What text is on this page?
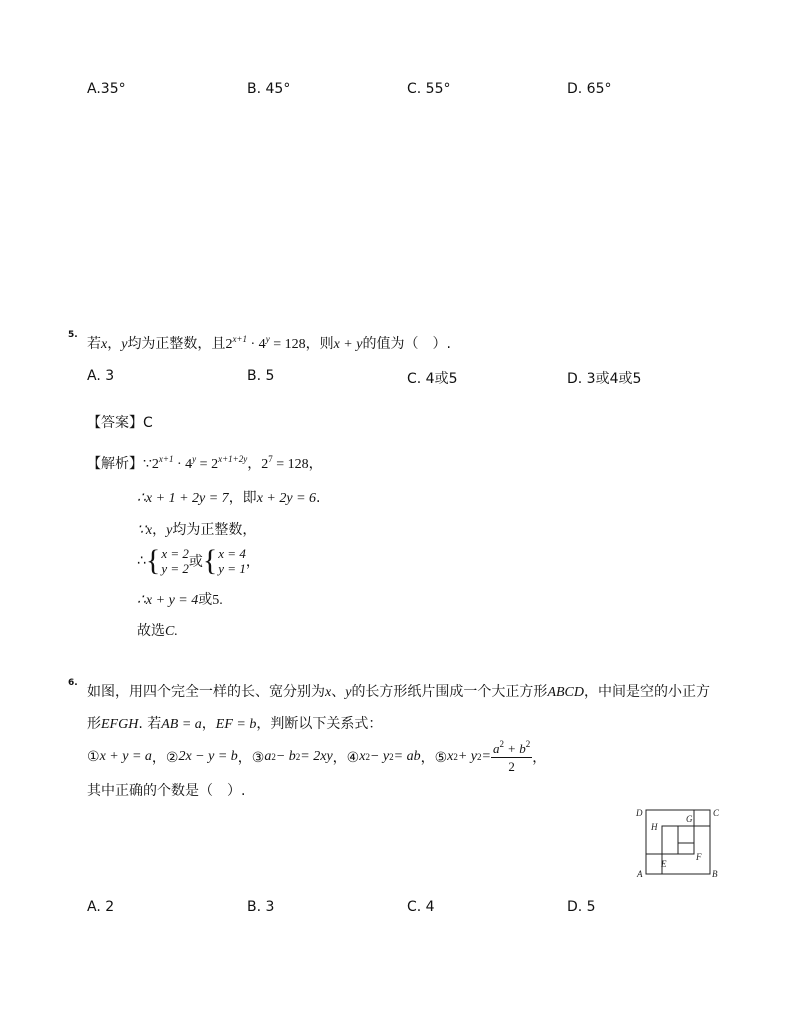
A.35°	B. 45°	C. 55°	D. 65°
5.
若x，y均为正整数，且$2^{x+1} \cdot 4^y = 128$，则x + y的值为（　）.
A. 3	B. 5	C. 4或5	D. 3或4或5
【答案】C
【解析】$\because 2^{x+1} \cdot 4^y = 2^{x+1+2y}$，$2^7 = 128$，
∴x + 1 + 2y = 7，即x + 2y = 6.
∵x，y均为正整数，
∴ { x = 2
y = 2 或 { x = 4
y = 1 ，
∴x + y = 4或5.
故选C.
6.
如图，用四个完全一样的长、宽分别为x、y的长方形纸片围成一个大正方形ABCD，中间是空的小正方
形EFGH. 若AB = a，EF = b，判断以下关系式：
① x + y = a ，② 2x − y = b ，③ a 2 − b 2 = 2xy ，④ x 2 − y 2 = ab ，⑤ x 2 + y $2 = \frac{a^2 + b^2}{2}$ ，
其中正确的个数是（　）.
D	C
A	B
H
G
F
E
A. 2	B. 3	C. 4	D. 5
